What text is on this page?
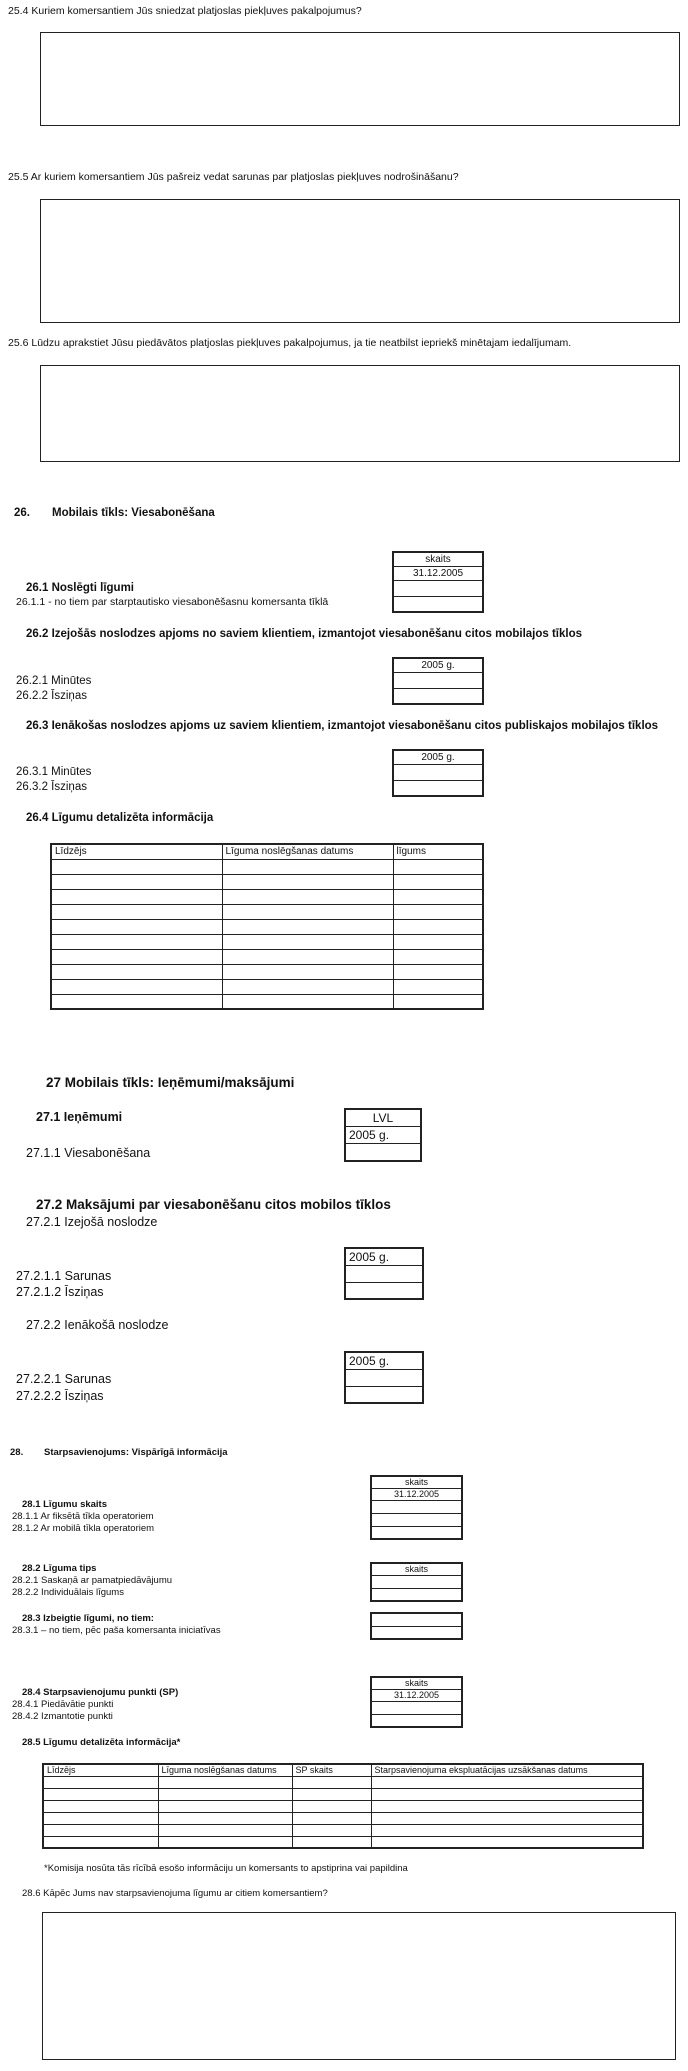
25.4 Kuriem komersantiem Jūs sniedzat platjoslas piekļuves pakalpojumus?
25.5 Ar kuriem komersantiem Jūs pašreiz vedat sarunas par platjoslas piekļuves nodrošināšanu?
25.6 Lūdzu aprakstiet Jūsu piedāvātos platjoslas piekļuves pakalpojumus, ja tie neatbilst iepriekš minētajam iedalījumam.
26. Mobilais tīkls: Viesabonēšana
skaits
31.12.2005

26.1 Noslēgti līgumi
26.1.1 - no tiem par starptautisko viesabonēšasnu komersanta tīklā
26.2 Izejošās noslodzes apjoms no saviem klientiem, izmantojot viesabonēšanu citos mobilajos tīklos
2005 g.

26.2.1 Minūtes
26.2.2 Īsziņas
26.3 Ienākošas noslodzes apjoms uz saviem klientiem, izmantojot viesabonēšanu citos publiskajos mobilajos tīklos
2005 g.

26.3.1 Minūtes
26.3.2 Īsziņas
26.4 Līgumu detalizēta informācija
Līdzējs	Līguma noslēgšanas datums	līgums

27 Mobilais tīkls: Ieņēmumi/maksājumi
LVL
2005 g.

27.1 Ieņēmumi
27.1.1 Viesabonēšana
27.2 Maksājumi par viesabonēšanu citos mobilos tīklos
27.2.1 Izejošā noslodze
2005 g.

27.2.1.1 Sarunas
27.2.1.2 Īsziņas
27.2.2 Ienākošā noslodze
2005 g.

27.2.2.1 Sarunas
27.2.2.2 Īsziņas
28. Starpsavienojums: Vispārīgā informācija
skaits
31.12.2005

28.1 Līgumu skaits
28.1.1 Ar fiksētā tīkla operatoriem
28.1.2 Ar mobilā tīkla operatoriem
skaits

28.2 Līguma tips
28.2.1 Saskaņā ar pamatpiedāvājumu
28.2.2 Individuālais līgums

28.3 Izbeigtie līgumi, no tiem:
28.3.1 – no tiem, pēc paša komersanta iniciatīvas
skaits
31.12.2005

28.4 Starpsavienojumu punkti (SP)
28.4.1 Piedāvātie punkti
28.4.2 Izmantotie punkti
28.5 Līgumu detalizēta informācija*
Līdzējs	Līguma noslēgšanas datums	SP skaits	Starpsavienojuma ekspluatācijas uzsākšanas datums

*Komisija nosūta tās rīcībā esošo informāciju un komersants to apstiprina vai papildina
28.6 Kāpēc Jums nav starpsavienojuma līgumu ar citiem komersantiem?
